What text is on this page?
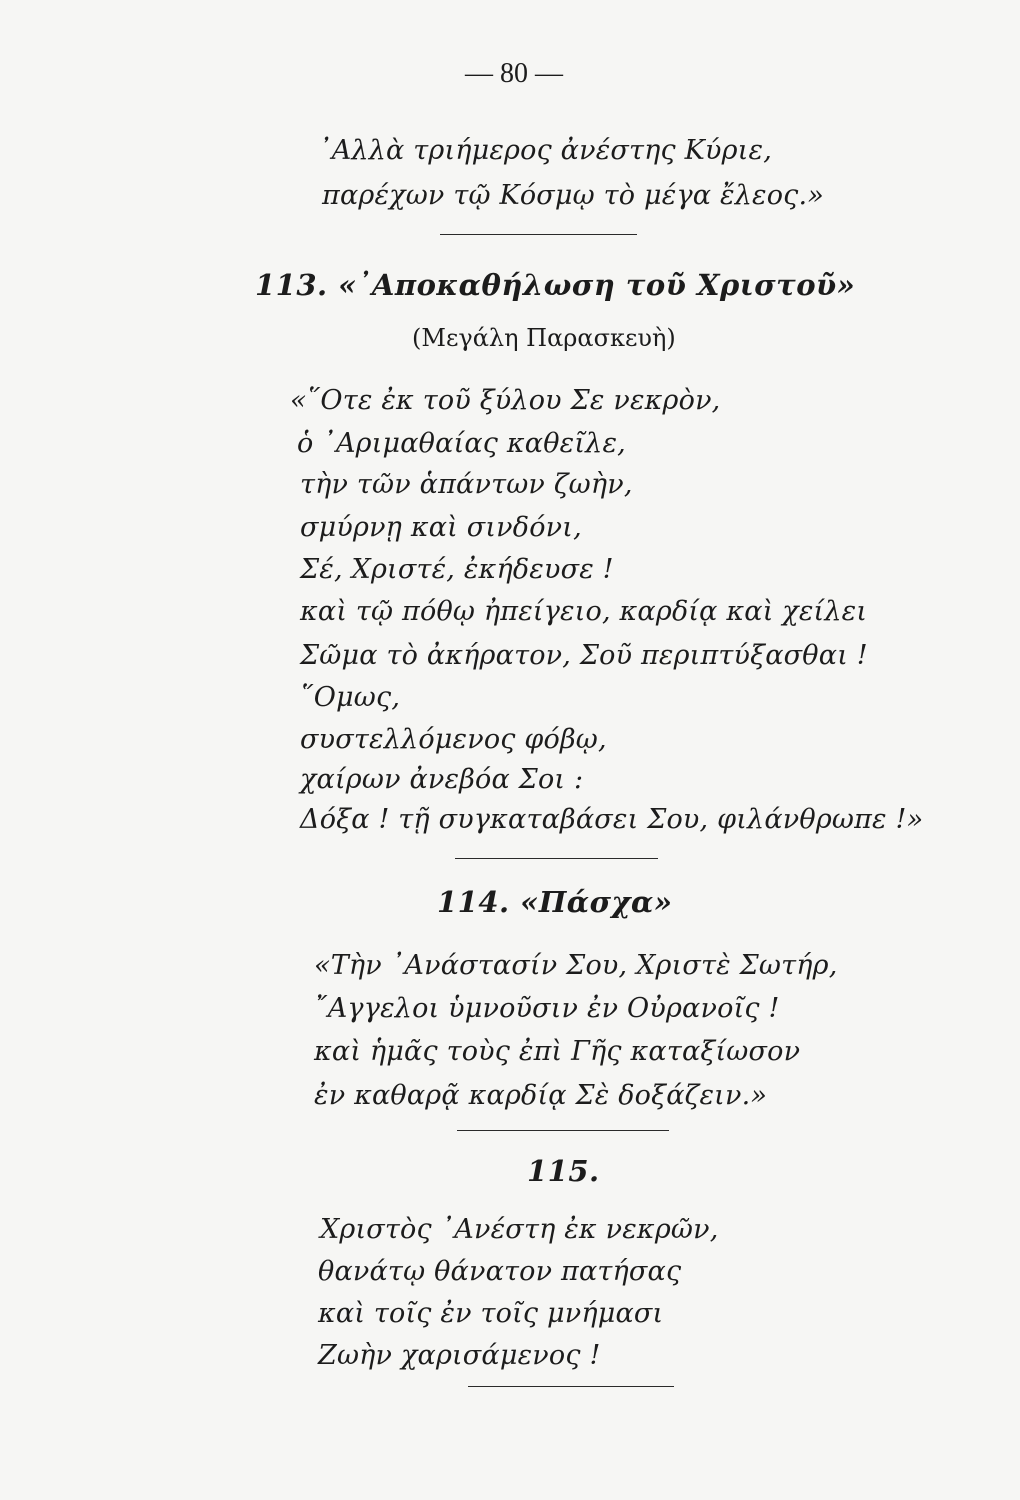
— 80 —
᾿Αλλὰ τριήμερος ἀνέστης Κύριε,
παρέχων τῷ Κόσμῳ τὸ μέγα ἔλεος.»
113. «᾿Αποκαθήλωση τοῦ Χριστοῦ»
(Μεγάλη Παρασκευὴ)
«῞Οτε ἐκ τοῦ ξύλου Σε νεκρὸν,
ὁ ᾿Αριμαθαίας καθεῖλε,
τὴν τῶν ἁπάντων ζωὴν,
σμύρνῃ καὶ σινδόνι,
Σέ, Χριστέ, ἐκήδευσε !
καὶ τῷ πόθῳ ἠπείγειο, καρδίᾳ καὶ χείλει
Σῶμα τὸ ἀκήρατον, Σοῦ περιπτύξασθαι !
῞Ομως,
συστελλόμενος φόβῳ,
χαίρων ἀνεβόα Σοι :
Δόξα ! τῇ συγκαταβάσει Σου, φιλάνθρωπε !»
114. «Πάσχα»
«Τὴν ᾿Ανάστασίν Σου, Χριστὲ Σωτήρ,
῎Αγγελοι ὑμνοῦσιν ἐν Οὐρανοῖς !
καὶ ἡμᾶς τοὺς ἐπὶ Γῆς καταξίωσον
ἐν καθαρᾷ καρδίᾳ Σὲ δοξάζειν.»
115.
Χριστὸς ᾿Ανέστη ἐκ νεκρῶν,
θανάτῳ θάνατον πατήσας
καὶ τοῖς ἐν τοῖς μνήμασι
Ζωὴν χαρισάμενος !
